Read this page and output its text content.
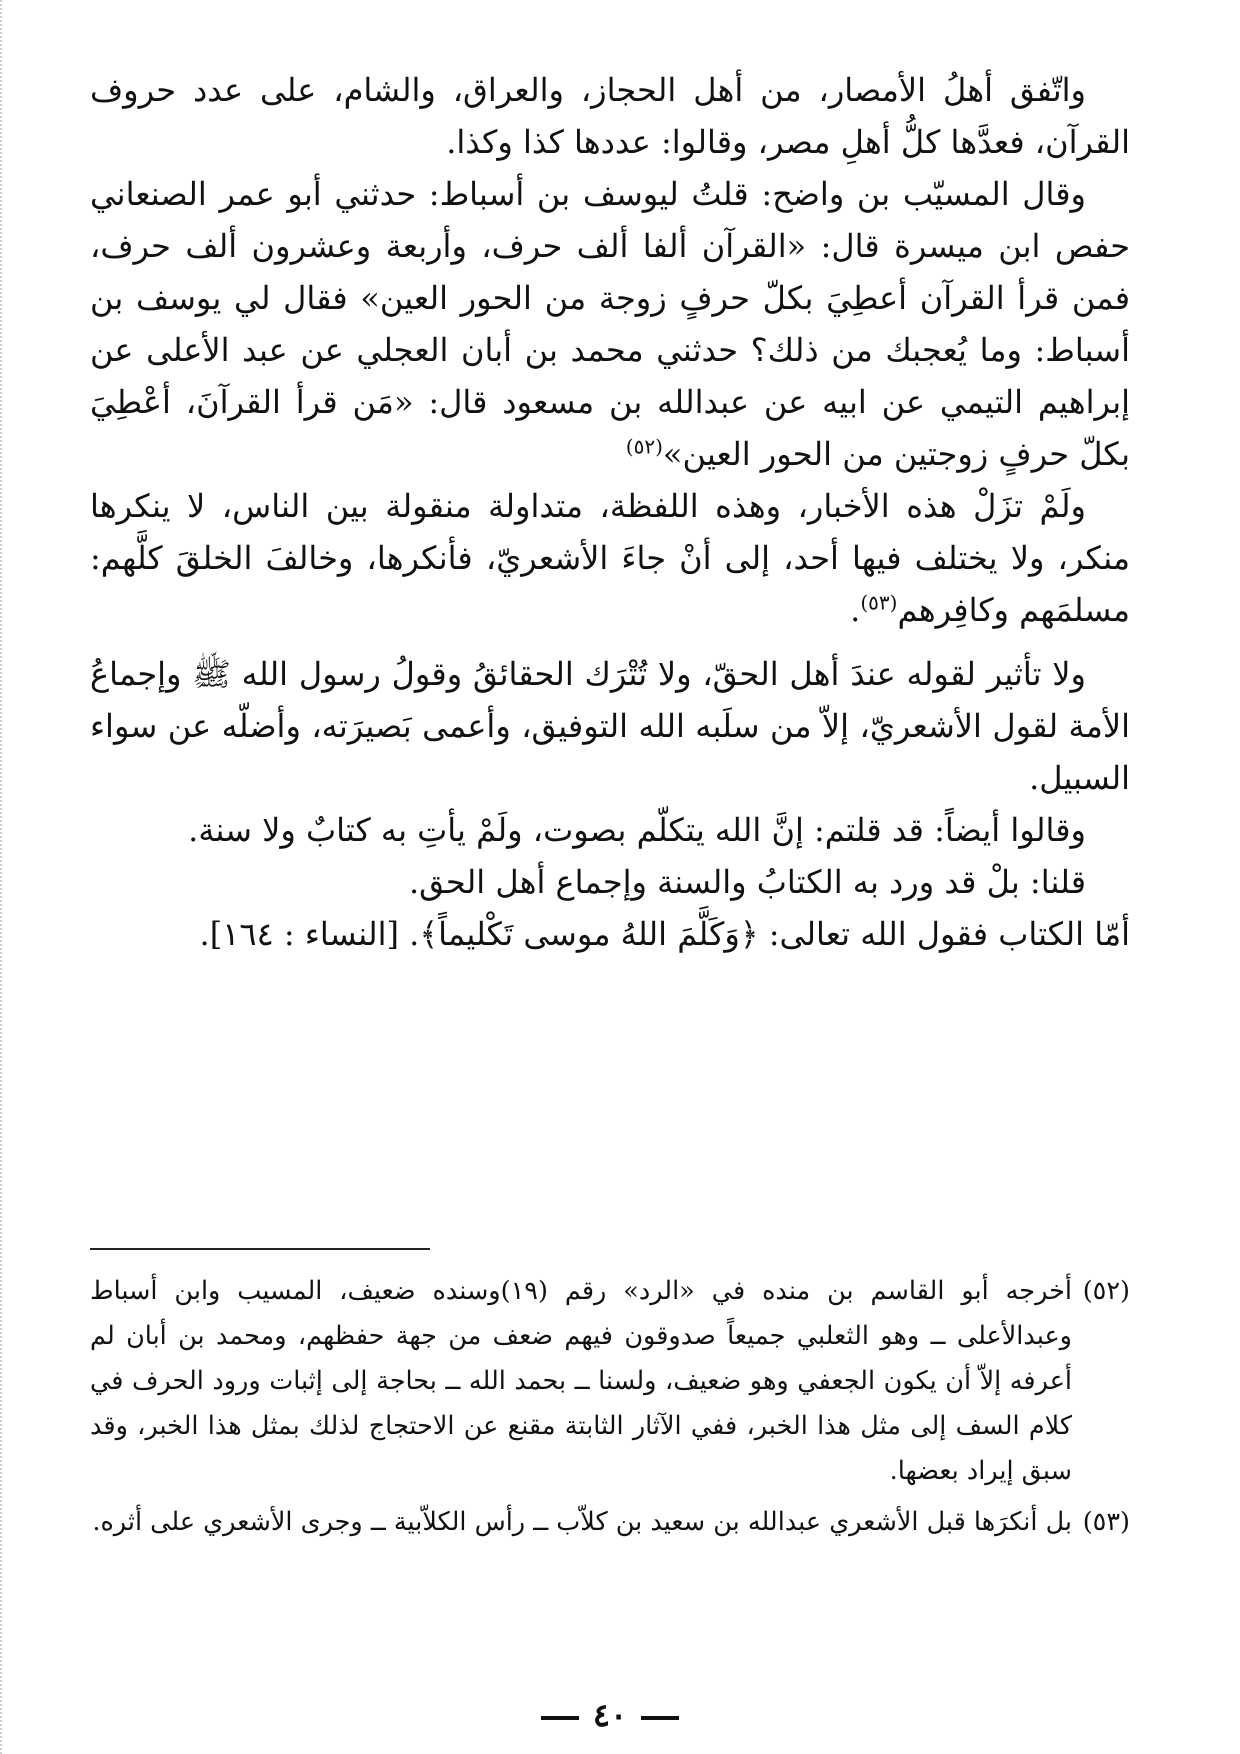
واتّفق أهلُ الأمصار، من أهل الحجاز، والعراق، والشام، على عدد حروف القرآن، فعدَّها كلُّ أهلِ مصر، وقالوا: عددها كذا وكذا.

وقال المسيّب بن واضح: قلتُ ليوسف بن أسباط: حدثني أبو عمر الصنعاني حفص ابن ميسرة قال: «القرآن ألفا ألف حرف، وأربعة وعشرون ألف حرف، فمن قرأ القرآن أعطِيَ بكلّ حرفٍ زوجة من الحور العين» فقال لي يوسف بن أسباط: وما يُعجبك من ذلك؟ حدثني محمد بن أبان العجلي عن عبد الأعلى عن إبراهيم التيمي عن ابيه عن عبدالله بن مسعود قال: «مَن قرأ القرآنَ، أعْطِيَ بكلّ حرفٍ زوجتين من الحور العين»$^{(٥٢)}$

ولَمْ تزَلْ هذه الأخبار، وهذه اللفظة، متداولة منقولة بين الناس، لا ينكرها منكر، ولا يختلف فيها أحد، إلى أنْ جاءَ الأشعريّ، فأنكرها، وخالفَ الخلقَ كلَّهم: مسلمَهم وكافِرهم$^{(٥٣)}$.

ولا تأثير لقوله عندَ أهل الحقّ، ولا تُتْرَك الحقائقُ وقولُ رسول الله ﷺ وإجماعُ الأمة لقول الأشعريّ، إلاّ من سلَبه الله التوفيق، وأعمى بَصيرَته، وأضلّه عن سواء السبيل.

وقالوا أيضاً: قد قلتم: إنَّ الله يتكلّم بصوت، ولَمْ يأتِ به كتابٌ ولا سنة.

قلنا: بلْ قد ورد به الكتابُ والسنة وإجماع أهل الحق.

أمّا الكتاب فقول الله تعالى: ﴿وَكَلَّمَ اللهُ موسى تَكْليماً﴾. [النساء : ١٦٤].

(٥٢)
أخرجه أبو القاسم بن منده في «الرد» رقم (١٩)وسنده ضعيف، المسيب وابن أسباط وعبدالأعلى ــ وهو الثعلبي جميعاً صدوقون فيهم ضعف من جهة حفظهم، ومحمد بن أبان لم أعرفه إلاّ أن يكون الجعفي وهو ضعيف، ولسنا ــ بحمد الله ــ بحاجة إلى إثبات ورود الحرف في كلام السف إلى مثل هذا الخبر، ففي الآثار الثابتة مقنع عن الاحتجاج لذلك بمثل هذا الخبر، وقد سبق إيراد بعضها.

(٥٣)
بل أنكرَها قبل الأشعري عبدالله بن سعيد بن كلاّب ــ رأس الكلاّبية ــ وجرى الأشعري على أثره.

٤٠
